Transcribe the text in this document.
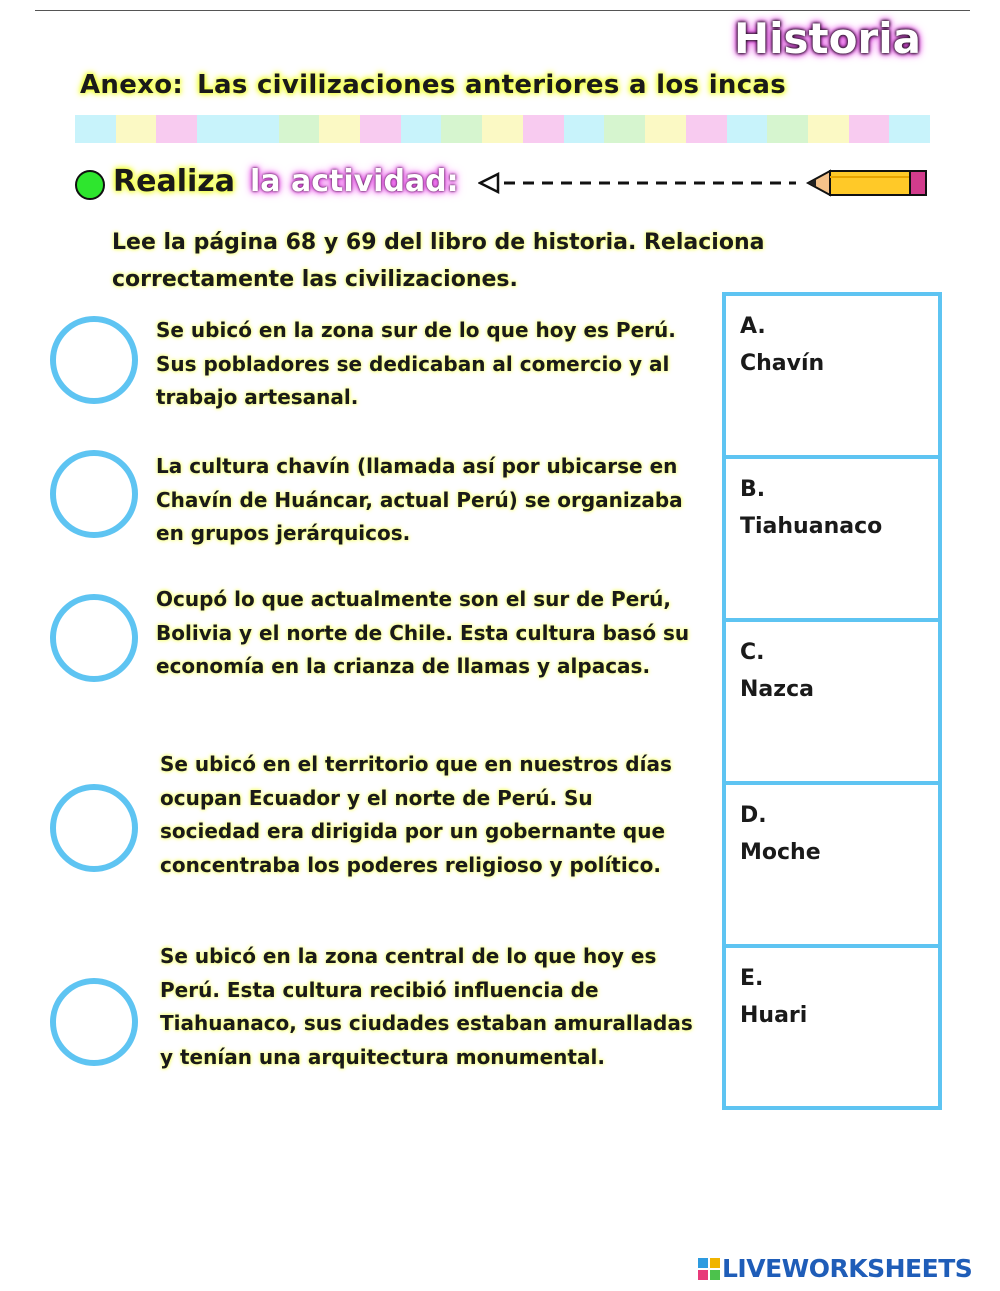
Historia
Anexo: Las civilizaciones anteriores a los incas
Realiza la actividad:
Lee la página 68 y 69 del libro de historia. Relaciona correctamente las civilizaciones.
Se ubicó en la zona sur de lo que hoy es Perú. Sus pobladores se dedicaban al comercio y al trabajo artesanal.
La cultura chavín (llamada así por ubicarse en Chavín de Huáncar, actual Perú) se organizaba en grupos jerárquicos.
Ocupó lo que actualmente son el sur de Perú, Bolivia y el norte de Chile. Esta cultura basó su economía en la crianza de llamas y alpacas.
Se ubicó en el territorio que en nuestros días ocupan Ecuador y el norte de Perú. Su sociedad era dirigida por un gobernante que concentraba los poderes religioso y político.
Se ubicó en la zona central de lo que hoy es Perú. Esta cultura recibió influencia de Tiahuanaco, sus ciudades estaban amuralladas y tenían una arquitectura monumental.
A.
Chavín
B.
Tiahuanaco
C.
Nazca
D.
Moche
E.
Huari
LIVEWORKSHEETS
